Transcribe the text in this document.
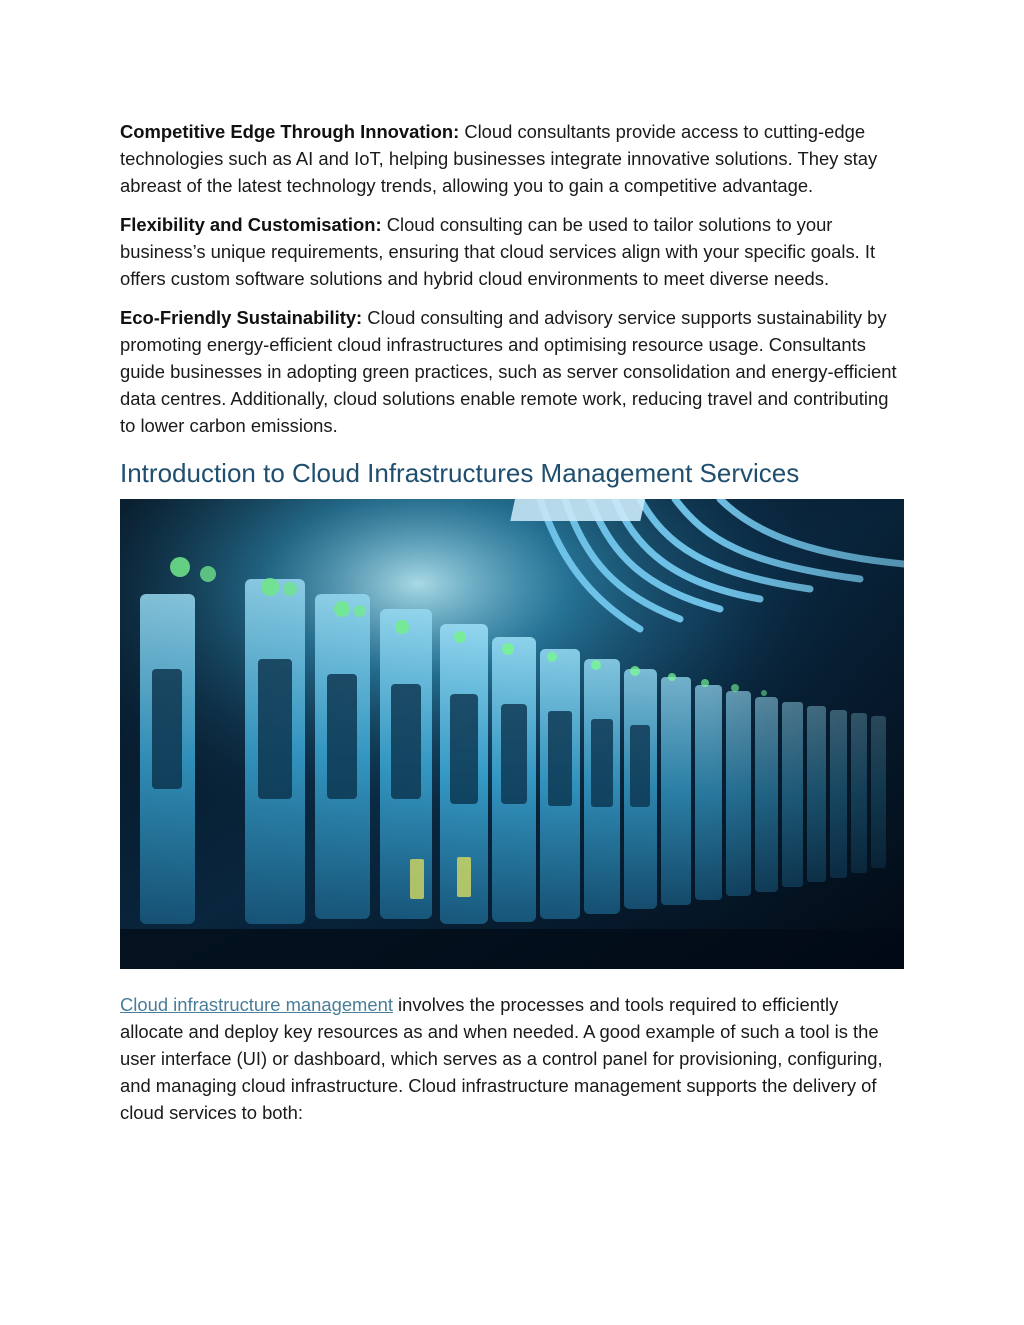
Competitive Edge Through Innovation: Cloud consultants provide access to cutting-edge technologies such as AI and IoT, helping businesses integrate innovative solutions. They stay abreast of the latest technology trends, allowing you to gain a competitive advantage.

Flexibility and Customisation: Cloud consulting can be used to tailor solutions to your business’s unique requirements, ensuring that cloud services align with your specific goals. It offers custom software solutions and hybrid cloud environments to meet diverse needs.

Eco-Friendly Sustainability: Cloud consulting and advisory service supports sustainability by promoting energy-efficient cloud infrastructures and optimising resource usage. Consultants guide businesses in adopting green practices, such as server consolidation and energy-efficient data centres. Additionally, cloud solutions enable remote work, reducing travel and contributing to lower carbon emissions.

Introduction to Cloud Infrastructures Management Services

Cloud infrastructure management involves the processes and tools required to efficiently allocate and deploy key resources as and when needed. A good example of such a tool is the user interface (UI) or dashboard, which serves as a control panel for provisioning, configuring, and managing cloud infrastructure. Cloud infrastructure management supports the delivery of cloud services to both:
